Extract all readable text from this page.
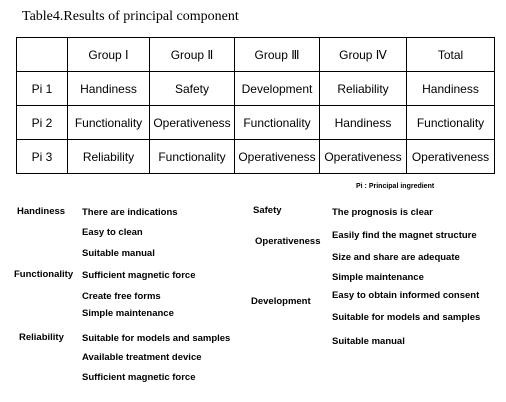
Table4.Results of principal component
	Group Ⅰ	Group Ⅱ	Group Ⅲ	Group Ⅳ	Total
Pi 1	Handiness	Safety	Development	Reliability	Handiness
Pi 2	Functionality	Operativeness	Functionality	Handiness	Functionality
Pi 3	Reliability	Functionality	Operativeness	Operativeness	Operativeness
Pi : Principal ingredient
Handiness There are indications
Easy to clean
Suitable manual
Functionality Sufficient magnetic force
Create free forms
Simple maintenance
Reliability Suitable for models and samples
Available treatment device
Sufficient magnetic force
Safety	The prognosis is clear
Operativeness
Easily find the magnet structure
Size and share are adequate
Simple maintenance
Development
Easy to obtain informed consent
Suitable for models and samples
Suitable manual
